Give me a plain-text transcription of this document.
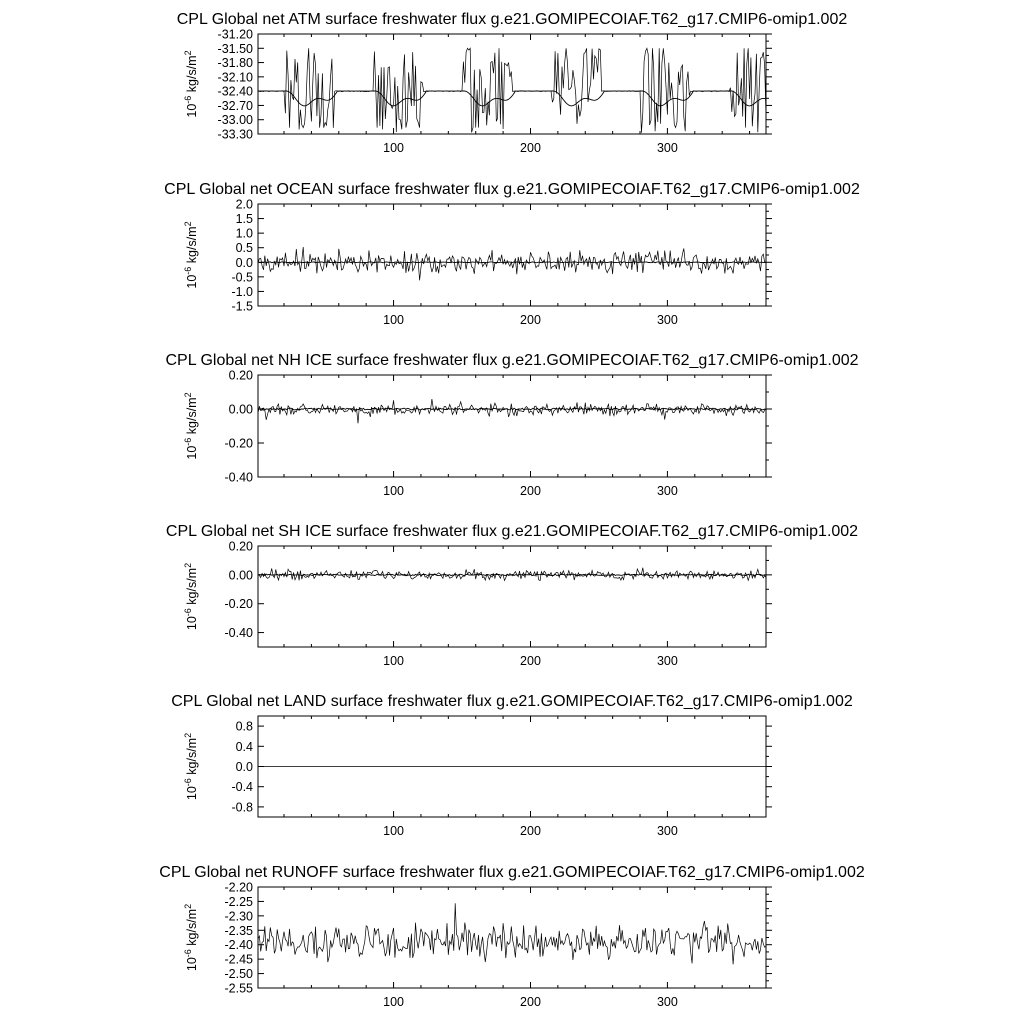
CPL Global net ATM surface freshwater flux g.e21.GOMIPECOIAF.T62_g17.CMIP6-omip1.002
100	200	300
-31.20
-31.50
-31.80
-32.10
-32.40
-32.70
-33.00
-33.30
$10^{-6}$ $kg/s/m^2$
CPL Global net OCEAN surface freshwater flux g.e21.GOMIPECOIAF.T62_g17.CMIP6-omip1.002
100	200	300
2.0
1.5
1.0
0.5
0.0
-0.5
-1.0
-1.5
$10^{-6}$ $kg/s/m^2$
CPL Global net NH ICE surface freshwater flux g.e21.GOMIPECOIAF.T62_g17.CMIP6-omip1.002
100	200	300
0.20
0.00
-0.20
-0.40
$10^{-6}$ $kg/s/m^2$
CPL Global net SH ICE surface freshwater flux g.e21.GOMIPECOIAF.T62_g17.CMIP6-omip1.002
100	200	300
0.20
0.00
-0.20
-0.40
$10^{-6}$ $kg/s/m^2$
CPL Global net LAND surface freshwater flux g.e21.GOMIPECOIAF.T62_g17.CMIP6-omip1.002
100	200	300
0.8
0.4
0.0
-0.4
-0.8
$10^{-6}$ $kg/s/m^2$
CPL Global net RUNOFF surface freshwater flux g.e21.GOMIPECOIAF.T62_g17.CMIP6-omip1.002
100	200	300
-2.20
-2.25
-2.30
-2.35
-2.40
-2.45
-2.50
-2.55
$10^{-6}$ $kg/s/m^2$
